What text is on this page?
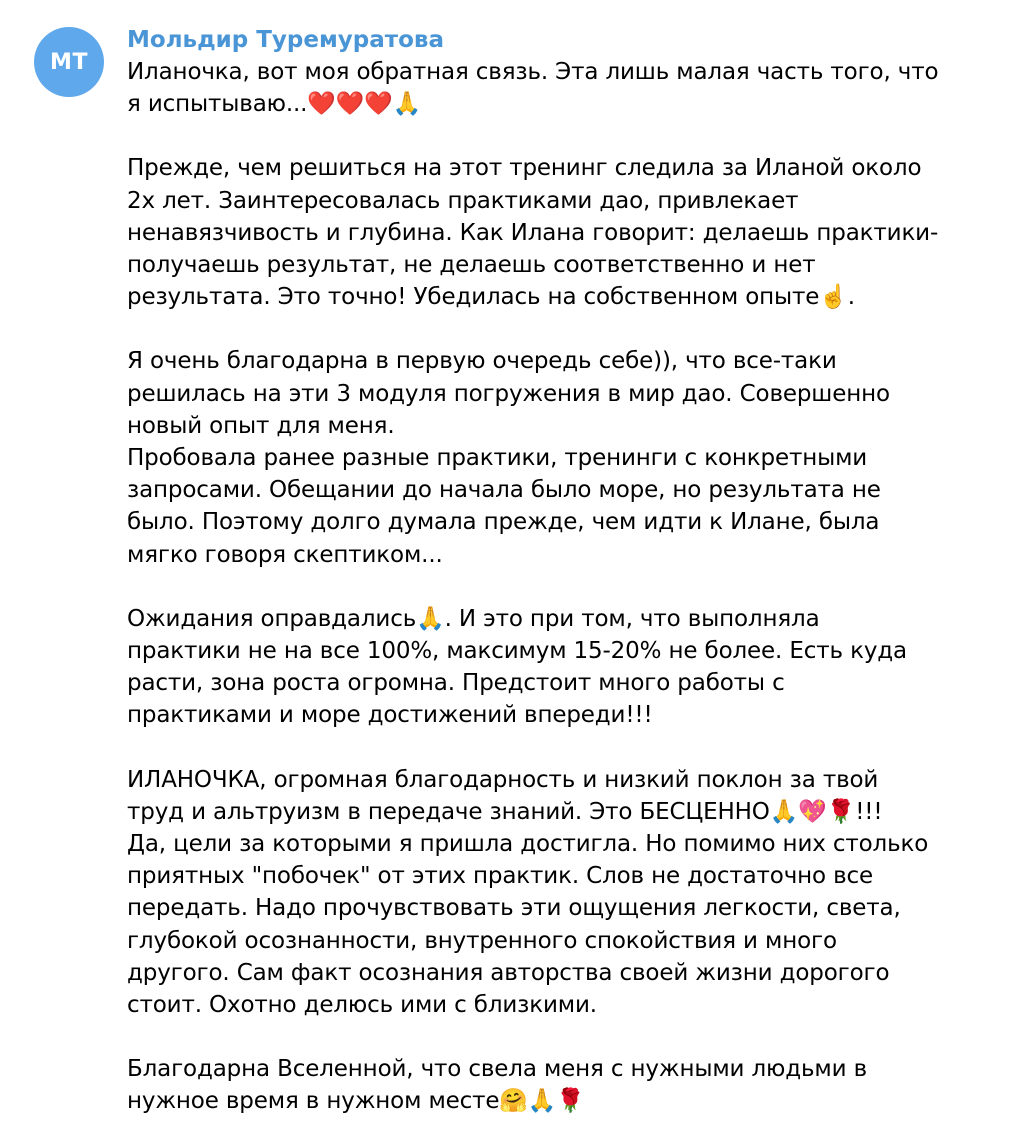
МТ
Мольдир Туремуратова
Иланочка, вот моя обратная связь. Эта лишь малая часть того, что
я испытываю...❤️❤️❤️🙏
Прежде, чем решиться на этот тренинг следила за Иланой около
2х лет. Заинтересовалась практиками дао, привлекает
ненавязчивость и глубина. Как Илана говорит: делаешь практики-
получаешь результат, не делаешь соответственно и нет
результата. Это точно! Убедилась на собственном опыте☝️.
Я очень благодарна в первую очередь себе)), что все-таки
решилась на эти 3 модуля погружения в мир дао. Совершенно
новый опыт для меня.
Пробовала ранее разные практики, тренинги с конкретными
запросами. Обещании до начала было море, но результата не
было. Поэтому долго думала прежде, чем идти к Илане, была
мягко говоря скептиком...
Ожидания оправдались🙏. И это при том, что выполняла
практики не на все 100%, максимум 15-20% не более. Есть куда
расти, зона роста огромна. Предстоит много работы с
практиками и море достижений впереди!!!
ИЛАНОЧКА, огромная благодарность и низкий поклон за твой
труд и альтруизм в передаче знаний. Это БЕСЦЕННО🙏💖🌹!!!
Да, цели за которыми я пришла достигла. Но помимо них столько
приятных "побочек" от этих практик. Слов не достаточно все
передать. Надо прочувствовать эти ощущения легкости, света,
глубокой осознанности, внутренного спокойствия и много
другого. Сам факт осознания авторства своей жизни дорогого
стоит. Охотно делюсь ими с близкими.
Благодарна Вселенной, что свела меня с нужными людьми в
нужное время в нужном месте🤗🙏🌹
